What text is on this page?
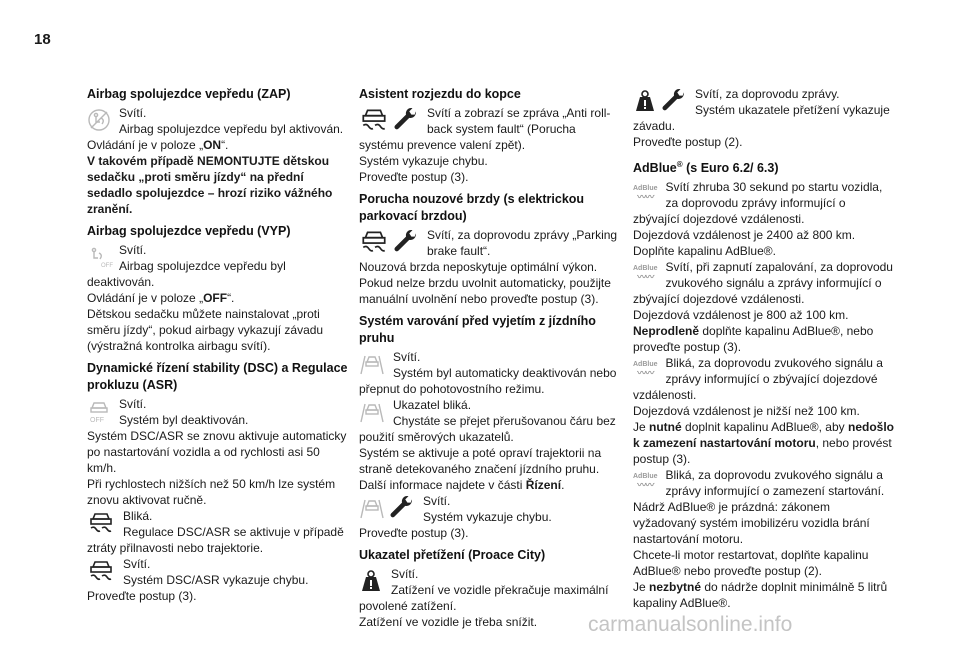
18
Airbag spolujezdce vepředu (ZAP)
Svítí.
Airbag spolujezdce vepředu byl aktivován.
Ovládání je v poloze „ON“.
V takovém případě NEMONTUJTE dětskou sedačku „proti směru jízdy“ na přední sedadlo spolujezdce – hrozí riziko vážného zranění.
Airbag spolujezdce vepředu (VYP)
OFF
Svítí.
Airbag spolujezdce vepředu byl deaktivován.
Ovládání je v poloze „OFF“.
Dětskou sedačku můžete nainstalovat „proti směru jízdy“, pokud airbagy vykazují závadu (výstražná kontrolka airbagu svítí).
Dynamické řízení stability (DSC) a Regulace prokluzu (ASR)
OFF
Svítí.
Systém byl deaktivován.
Systém DSC/ASR se znovu aktivuje automaticky po nastartování vozidla a od rychlosti asi 50 km/h.
Při rychlostech nižších než 50 km/h lze systém znovu aktivovat ručně.
Bliká.
Regulace DSC/ASR se aktivuje v případě ztráty přilnavosti nebo trajektorie.
Svítí.
Systém DSC/ASR vykazuje chybu.
Proveďte postup (3).
Asistent rozjezdu do kopce
Svítí a zobrazí se zpráva „Anti roll-back system fault“ (Porucha systému prevence valení zpět).
Systém vykazuje chybu.
Proveďte postup (3).
Porucha nouzové brzdy (s elektrickou parkovací brzdou)
Svítí, za doprovodu zprávy „Parking brake fault“.
Nouzová brzda neposkytuje optimální výkon.
Pokud nelze brzdu uvolnit automaticky, použijte manuální uvolnění nebo proveďte postup (3).
Systém varování před vyjetím z jízdního pruhu
Svítí.
Systém byl automaticky deaktivován nebo přepnut do pohotovostního režimu.
Ukazatel bliká.
Chystáte se přejet přerušovanou čáru bez použití směrových ukazatelů.
Systém se aktivuje a poté opraví trajektorii na straně detekovaného značení jízdního pruhu.
Další informace najdete v části Řízení.
Svítí.
Systém vykazuje chybu.
Proveďte postup (3).
Ukazatel přetížení (Proace City)
Svítí.
Zatížení ve vozidle překračuje maximální povolené zatížení.
Zatížení ve vozidle je třeba snížit.
Svítí, za doprovodu zprávy.
Systém ukazatele přetížení vykazuje závadu.
Proveďte postup (2).
AdBlue® (s Euro 6.2/ 6.3)
AdBlue
〰〰
Svítí zhruba 30 sekund po startu vozidla, za doprovodu zprávy informující o zbývající dojezdové vzdálenosti.
Dojezdová vzdálenost je 2400 až 800 km.
Doplňte kapalinu AdBlue®.
AdBlue
〰〰
Svítí, při zapnutí zapalování, za doprovodu zvukového signálu a zprávy informující o zbývající dojezdové vzdálenosti.
Dojezdová vzdálenost je 800 až 100 km.
Neprodleně doplňte kapalinu AdBlue®, nebo proveďte postup (3).
AdBlue
〰〰
Bliká, za doprovodu zvukového signálu a zprávy informující o zbývající dojezdové vzdálenosti.
Dojezdová vzdálenost je nižší než 100 km.
Je nutné doplnit kapalinu AdBlue®, aby nedošlo k zamezení nastartování motoru, nebo provést postup (3).
AdBlue
〰〰
Bliká, za doprovodu zvukového signálu a zprávy informující o zamezení startování.
Nádrž AdBlue® je prázdná: zákonem vyžadovaný systém imobilizéru vozidla brání nastartování motoru.
Chcete-li motor restartovat, doplňte kapalinu AdBlue® nebo proveďte postup (2).
Je nezbytné do nádrže doplnit minimálně 5 litrů kapaliny AdBlue®.
carmanualsonline.info
